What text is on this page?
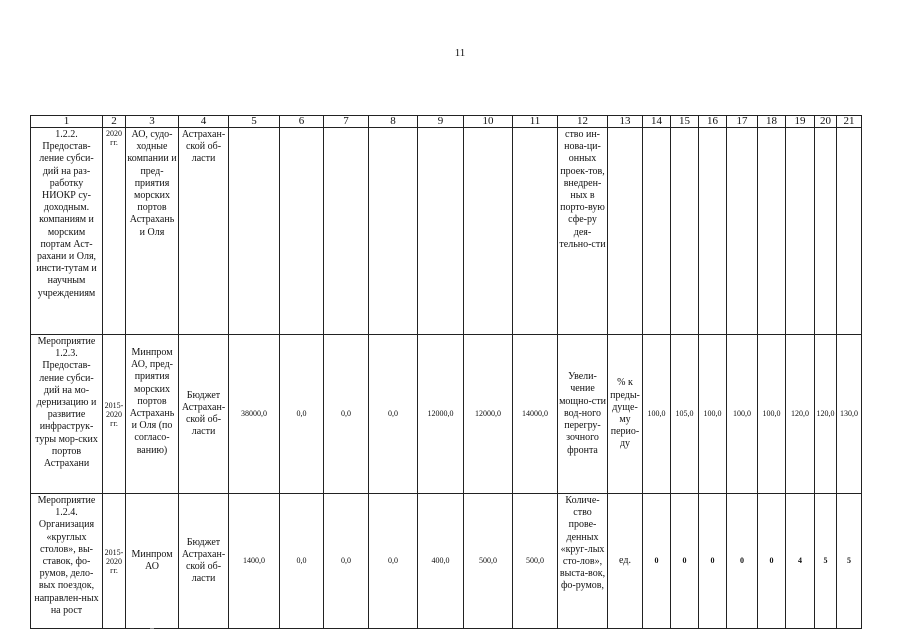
11
1	2	3	4	5	6	7	8	9	10	11	12	13	14	15	16	17	18	19	20	21
1.2.2. Предостав-ление субси-дий на раз-работку НИОКР су-доходным. компаниям и морским портам Аст-рахани и Оля, инсти-тутам и научным учреждениям	2020 гг.	АО, судо-ходные компании и пред-приятия морских портов Астрахань и Оля	Астрахан-ской об-ласти								ство ин-нова-ци-онных проек-тов, внедрен-ных в порто-вую сфе-ру дея-тельно-сти									
Мероприятие 1.2.3. Предостав-ление субси-дий на мо-дернизацию и развитие инфраструк-туры мор-ских портов Астрахани	2015-2020 гг.	Минпром АО, пред-приятия морских портов Астрахань и Оля (по согласо-ванию)	Бюджет Астрахан-ской об-ласти	38000,0	0,0	0,0	0,0	12000,0	12000,0	14000,0	Увели-чение мощно-сти вод-ного перегру-зочного фронта	% к преды-дуще-му перио-ду	100,0	105,0	100,0	100,0	100,0	120,0	120,0	130,0
Мероприятие 1.2.4. Организация «круглых столов», вы-ставок, фо-румов, дело-вых поездок, направлен-ных на рост	2015-2020 гг.	Минпром АО	Бюджет Астрахан-ской об-ласти	1400,0	0,0	0,0	0,0	400,0	500,0	500,0	Количе-ство прове-денных «круг-лых сто-лов», выста-вок, фо-румов,	ед.	0	0	0	0	0	4	5	5
